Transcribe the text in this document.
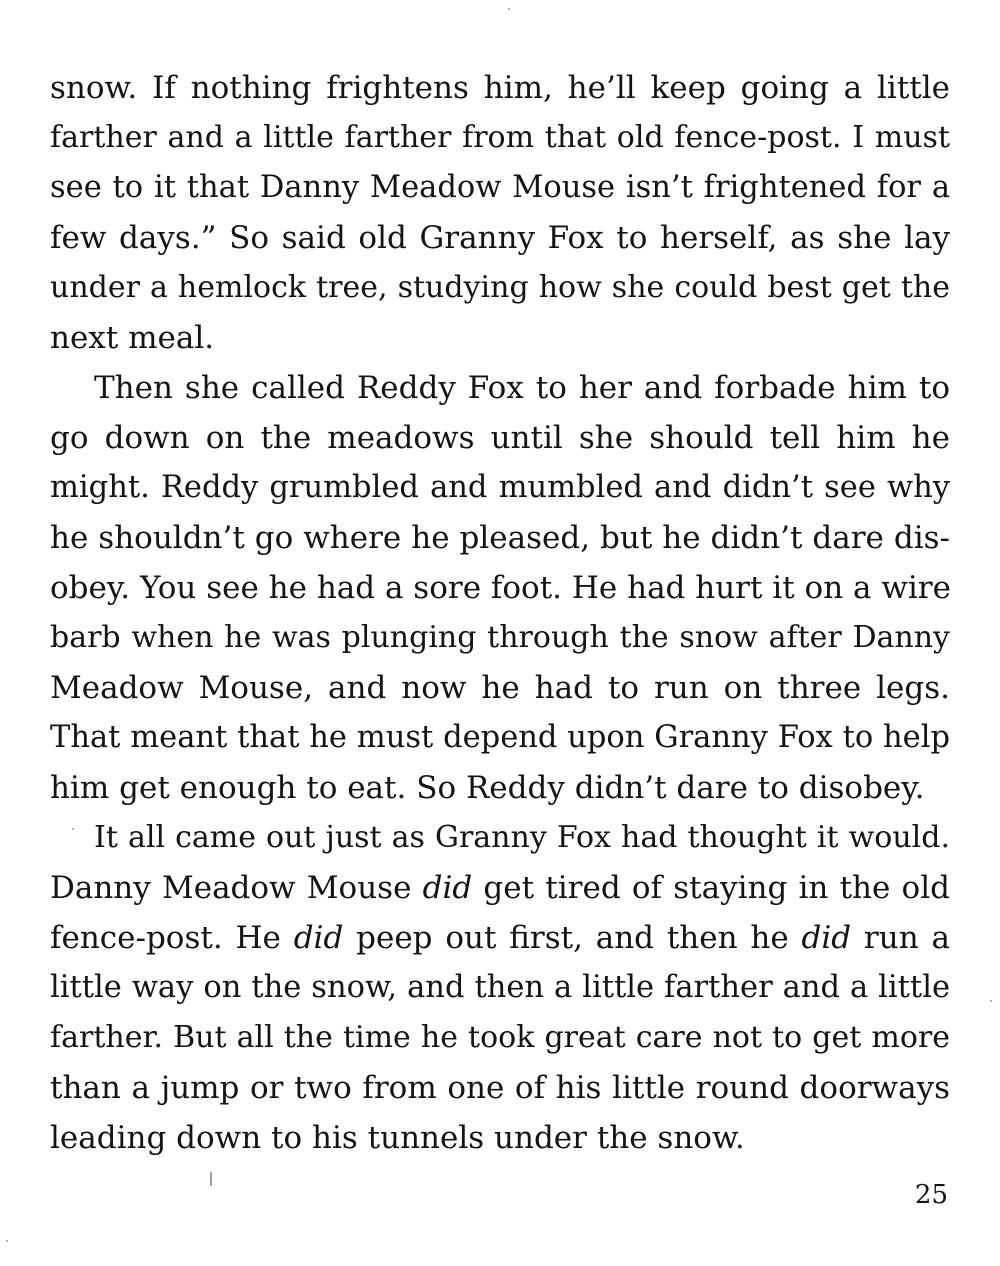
snow. If nothing frightens him, he’ll keep going a little
farther and a little farther from that old fence-post. I must
see to it that Danny Meadow Mouse isn’t frightened for a
few days.” So said old Granny Fox to herself, as she lay
under a hemlock tree, studying how she could best get the
next meal.
Then she called Reddy Fox to her and forbade him to
go down on the meadows until she should tell him he
might. Reddy grumbled and mumbled and didn’t see why
he shouldn’t go where he pleased, but he didn’t dare dis-
obey. You see he had a sore foot. He had hurt it on a wire
barb when he was plunging through the snow after Danny
Meadow Mouse, and now he had to run on three legs.
That meant that he must depend upon Granny Fox to help
him get enough to eat. So Reddy didn’t dare to disobey.
It all came out just as Granny Fox had thought it would.
Danny Meadow Mouse did get tired of staying in the old
fence-post. He did peep out first, and then he did run a
little way on the snow, and then a little farther and a little
farther. But all the time he took great care not to get more
than a jump or two from one of his little round doorways
leading down to his tunnels under the snow.
25
